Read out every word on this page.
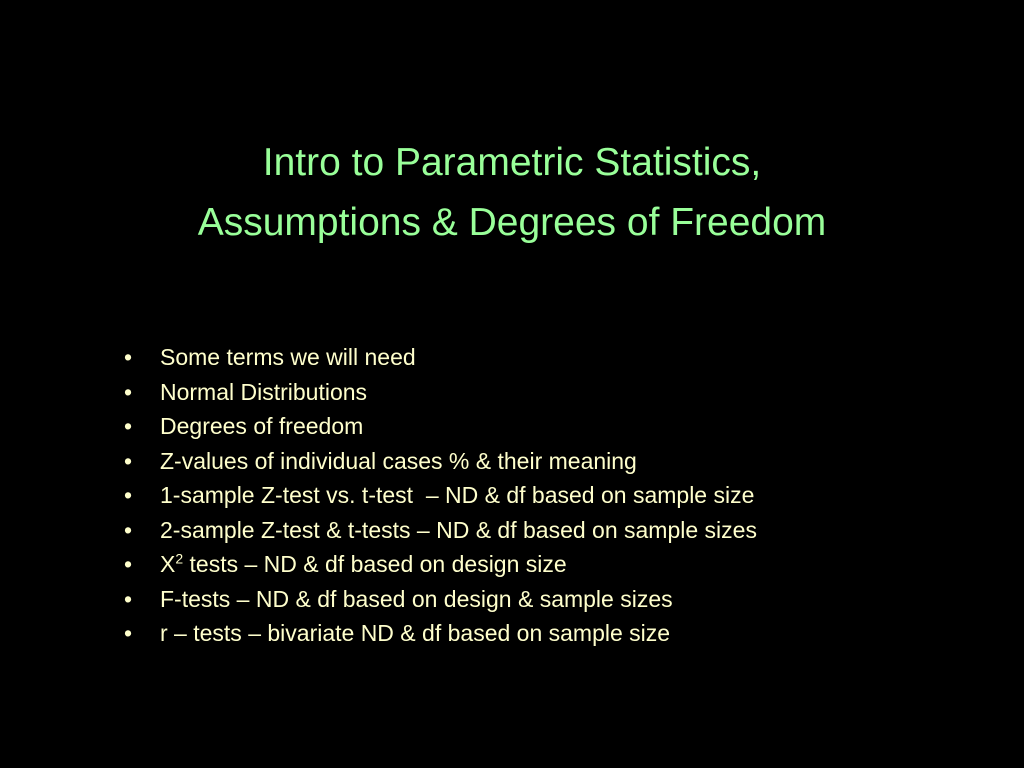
Intro to Parametric Statistics,
Assumptions & Degrees of Freedom
• Some terms we will need
• Normal Distributions
• Degrees of freedom
• Z-values of individual cases % & their meaning
• 1-sample Z-test vs. t-test  – ND & df based on sample size
• 2-sample Z-test & t-tests – ND & df based on sample sizes
• $X^2$ tests – ND & df based on design size
• F-tests – ND & df based on design & sample sizes
• r – tests – bivariate ND & df based on sample size
